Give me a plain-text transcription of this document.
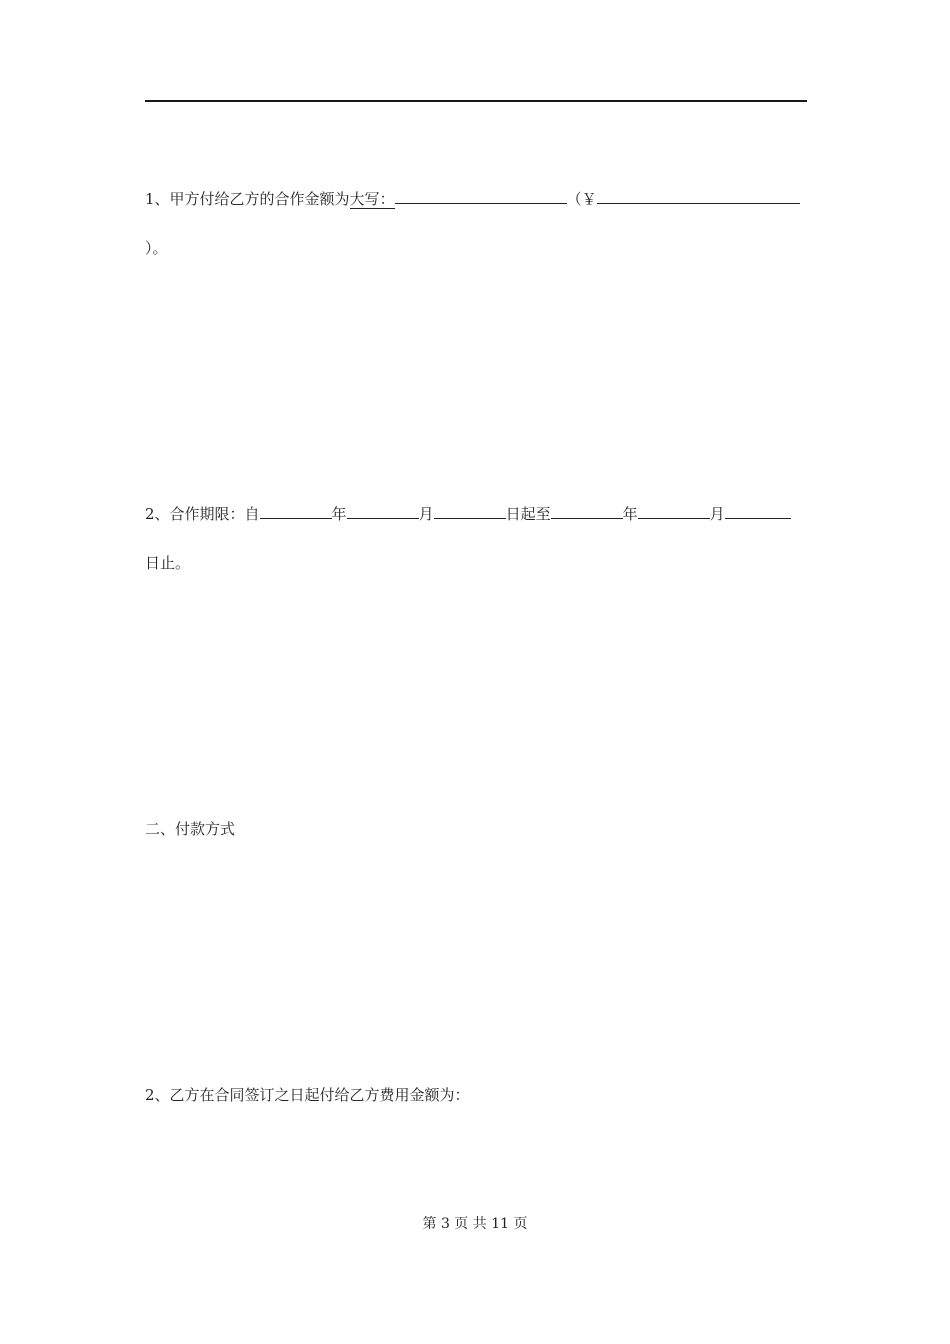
1、甲方付给乙方的合作金额为大写：	（￥
）。
2、合作期限：自	年	月	日起至	年	月
日止。
二、付款方式
2、乙方在合同签订之日起付给乙方费用金额为：
第 3 页 共 11 页
